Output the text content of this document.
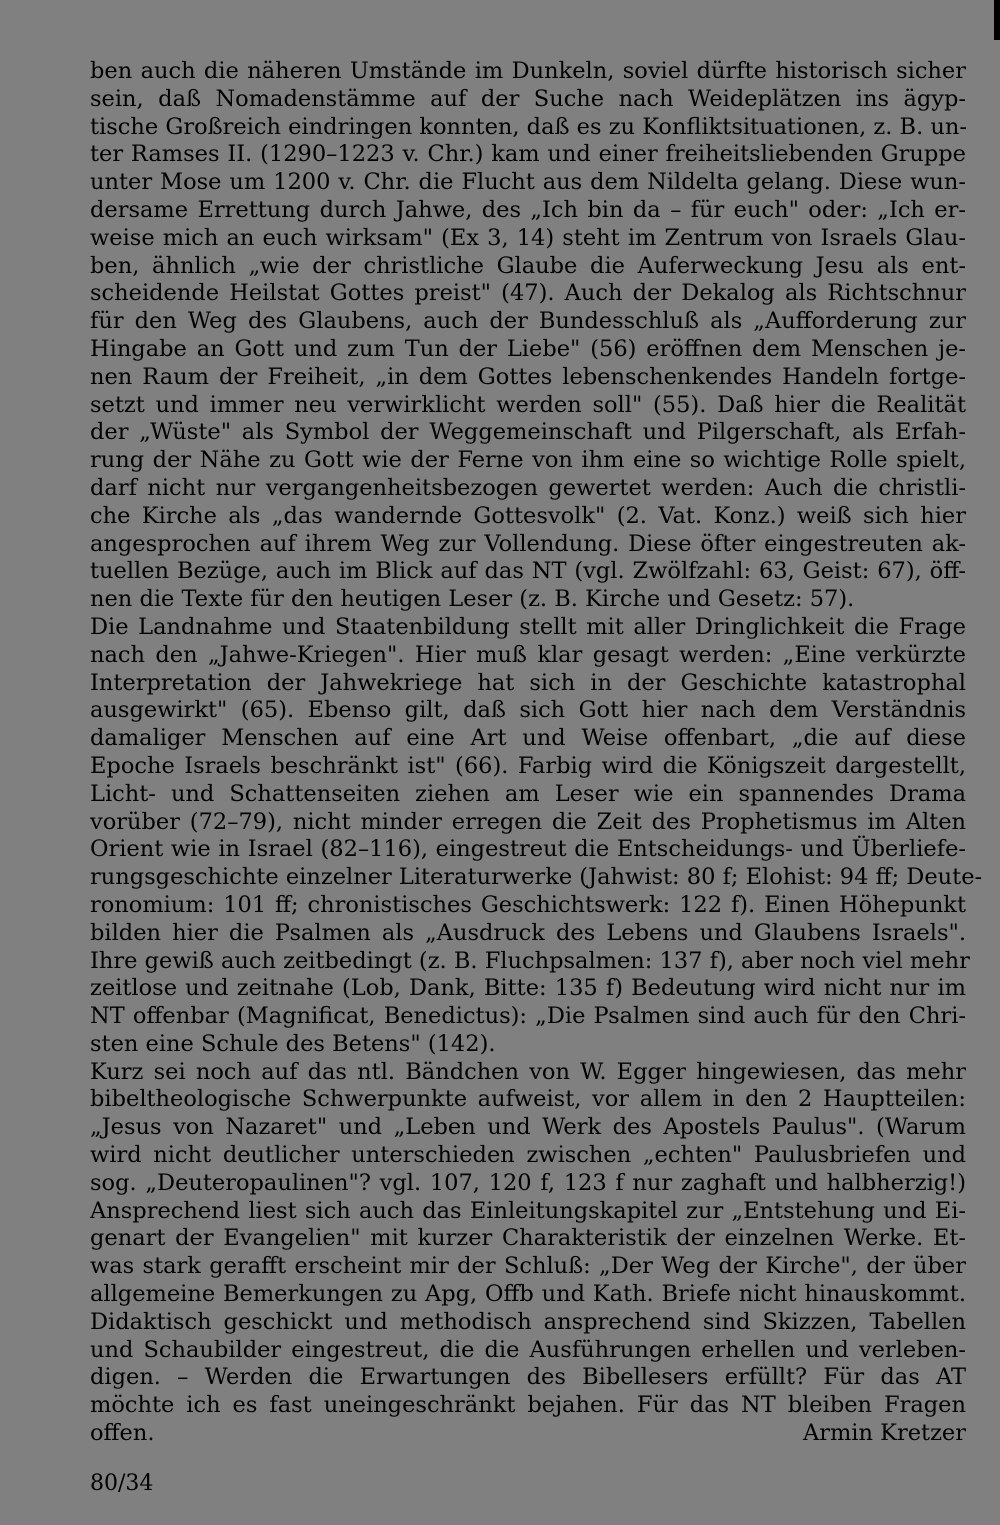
ben auch die näheren Umstände im Dunkeln, soviel dürfte historisch sicher
sein, daß Nomadenstämme auf der Suche nach Weideplätzen ins ägyp-
tische Großreich eindringen konnten, daß es zu Konfliktsituationen, z. B. un-
ter Ramses II. (1290–1223 v. Chr.) kam und einer freiheitsliebenden Gruppe
unter Mose um 1200 v. Chr. die Flucht aus dem Nildelta gelang. Diese wun-
dersame Errettung durch Jahwe, des „Ich bin da – für euch" oder: „Ich er-
weise mich an euch wirksam" (Ex 3, 14) steht im Zentrum von Israels Glau-
ben, ähnlich „wie der christliche Glaube die Auferweckung Jesu als ent-
scheidende Heilstat Gottes preist" (47). Auch der Dekalog als Richtschnur
für den Weg des Glaubens, auch der Bundesschluß als „Aufforderung zur
Hingabe an Gott und zum Tun der Liebe" (56) eröffnen dem Menschen je-
nen Raum der Freiheit, „in dem Gottes lebenschenkendes Handeln fortge-
setzt und immer neu verwirklicht werden soll" (55). Daß hier die Realität
der „Wüste" als Symbol der Weggemeinschaft und Pilgerschaft, als Erfah-
rung der Nähe zu Gott wie der Ferne von ihm eine so wichtige Rolle spielt,
darf nicht nur vergangenheitsbezogen gewertet werden: Auch die christli-
che Kirche als „das wandernde Gottesvolk" (2. Vat. Konz.) weiß sich hier
angesprochen auf ihrem Weg zur Vollendung. Diese öfter eingestreuten ak-
tuellen Bezüge, auch im Blick auf das NT (vgl. Zwölfzahl: 63, Geist: 67), öff-
nen die Texte für den heutigen Leser (z. B. Kirche und Gesetz: 57).
Die Landnahme und Staatenbildung stellt mit aller Dringlichkeit die Frage
nach den „Jahwe-Kriegen". Hier muß klar gesagt werden: „Eine verkürzte
Interpretation der Jahwekriege hat sich in der Geschichte katastrophal
ausgewirkt" (65). Ebenso gilt, daß sich Gott hier nach dem Verständnis
damaliger Menschen auf eine Art und Weise offenbart, „die auf diese
Epoche Israels beschränkt ist" (66). Farbig wird die Königszeit dargestellt,
Licht- und Schattenseiten ziehen am Leser wie ein spannendes Drama
vorüber (72–79), nicht minder erregen die Zeit des Prophetismus im Alten
Orient wie in Israel (82–116), eingestreut die Entscheidungs- und Überliefe-
rungsgeschichte einzelner Literaturwerke (Jahwist: 80 f; Elohist: 94 ff; Deute-
ronomium: 101 ff; chronistisches Geschichtswerk: 122 f). Einen Höhepunkt
bilden hier die Psalmen als „Ausdruck des Lebens und Glaubens Israels".
Ihre gewiß auch zeitbedingt (z. B. Fluchpsalmen: 137 f), aber noch viel mehr
zeitlose und zeitnahe (Lob, Dank, Bitte: 135 f) Bedeutung wird nicht nur im
NT offenbar (Magnificat, Benedictus): „Die Psalmen sind auch für den Chri-
sten eine Schule des Betens" (142).
Kurz sei noch auf das ntl. Bändchen von W. Egger hingewiesen, das mehr
bibeltheologische Schwerpunkte aufweist, vor allem in den 2 Hauptteilen:
„Jesus von Nazaret" und „Leben und Werk des Apostels Paulus". (Warum
wird nicht deutlicher unterschieden zwischen „echten" Paulusbriefen und
sog. „Deuteropaulinen"? vgl. 107, 120 f, 123 f nur zaghaft und halbherzig!)
Ansprechend liest sich auch das Einleitungskapitel zur „Entstehung und Ei-
genart der Evangelien" mit kurzer Charakteristik der einzelnen Werke. Et-
was stark gerafft erscheint mir der Schluß: „Der Weg der Kirche", der über
allgemeine Bemerkungen zu Apg, Offb und Kath. Briefe nicht hinauskommt.
Didaktisch geschickt und methodisch ansprechend sind Skizzen, Tabellen
und Schaubilder eingestreut, die die Ausführungen erhellen und verleben-
digen. – Werden die Erwartungen des Bibellesers erfüllt? Für das AT
möchte ich es fast uneingeschränkt bejahen. Für das NT bleiben Fragen
offen.	Armin Kretzer
80/34
